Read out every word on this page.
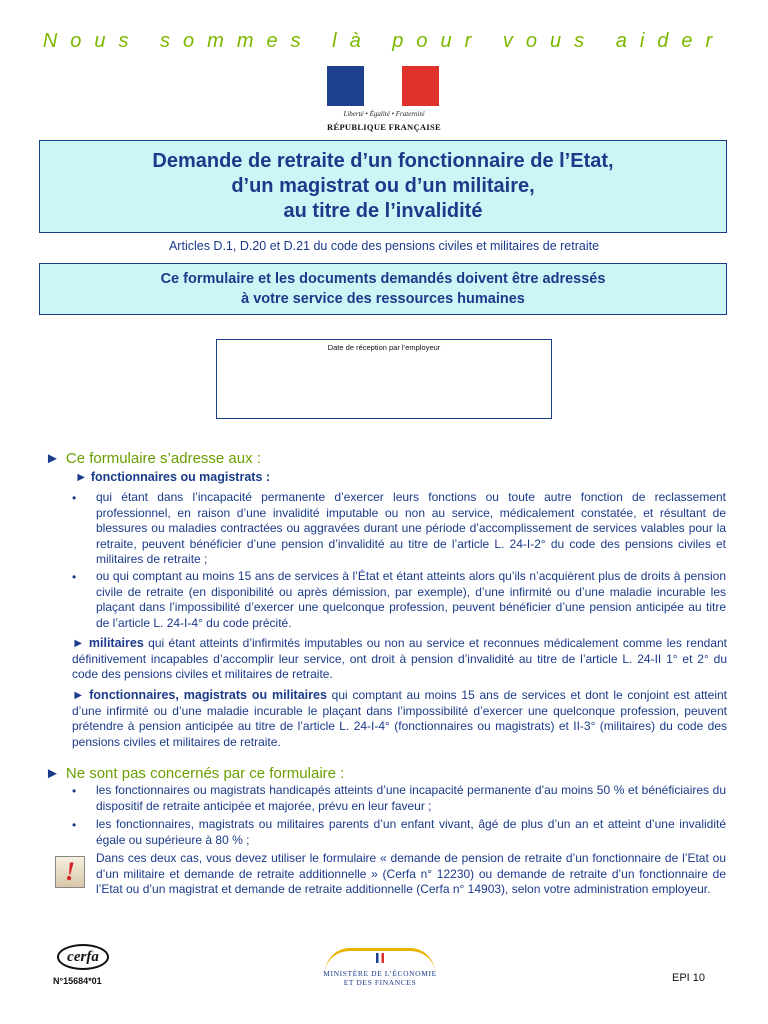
Nous sommes là pour vous aider
Liberté • Égalité • Fraternité
RÉPUBLIQUE FRANÇAISE
Demande de retraite d’un fonctionnaire de l’Etat,
d’un magistrat ou d’un militaire,
au titre de l’invalidité
Articles D.1, D.20 et D.21 du code des pensions civiles et militaires de retraite
Ce formulaire et les documents demandés doivent être adressés
à votre service des ressources humaines
Date de réception par l’employeur
► Ce formulaire s’adresse aux :
► fonctionnaires ou magistrats :
• qui étant dans l’incapacité permanente d’exercer leurs fonctions ou toute autre fonction de reclassement professionnel, en raison d’une invalidité imputable ou non au service, médicalement constatée, et résultant de blessures ou maladies contractées ou aggravées durant une période d’accomplissement de services valables pour la retraite, peuvent bénéficier d’une pension d’invalidité au titre de l’article L. 24-I-2° du code des pensions civiles et militaires de retraite ;
• ou qui comptant au moins 15 ans de services à l’État et étant atteints alors qu’ils n’acquièrent plus de droits à pension civile de retraite (en disponibilité ou après démission, par exemple), d’une infirmité ou d’une maladie incurable les plaçant dans l’impossibilité d’exercer une quelconque profession, peuvent bénéficier d’une pension anticipée au titre de l’article L. 24-I-4° du code précité.
► militaires qui étant atteints d’infirmités imputables ou non au service et reconnues médicalement comme les rendant définitivement incapables d’accomplir leur service, ont droit à pension d’invalidité au titre de l’article L. 24-II 1° et 2° du code des pensions civiles et militaires de retraite.
► fonctionnaires, magistrats ou militaires qui comptant au moins 15 ans de services et dont le conjoint est atteint d’une infirmité ou d’une maladie incurable le plaçant dans l’impossibilité d’exercer une quelconque profession, peuvent prétendre à pension anticipée au titre de l’article L. 24-I-4° (fonctionnaires ou magistrats) et II-3° (militaires) du code des pensions civiles et militaires de retraite.
► Ne sont pas concernés par ce formulaire :
• les fonctionnaires ou magistrats handicapés atteints d’une incapacité permanente d’au moins 50 % et bénéficiaires du dispositif de retraite anticipée et majorée, prévu en leur faveur ;
• les fonctionnaires, magistrats ou militaires parents d’un enfant vivant, âgé de plus d’un an et atteint d’une invalidité égale ou supérieure à 80 % ;
! Dans ces deux cas, vous devez utiliser le formulaire « demande de pension de retraite d’un fonctionnaire de l’Etat ou d’un militaire et demande de retraite additionnelle » (Cerfa n° 12230) ou demande de retraite d’un fonctionnaire de l’Etat ou d’un magistrat et demande de retraite additionnelle (Cerfa n° 14903), selon votre administration employeur.
cerfa
N°15684*01
MINISTÈRE DE L’ÉCONOMIE
ET DES FINANCES	EPI 10
